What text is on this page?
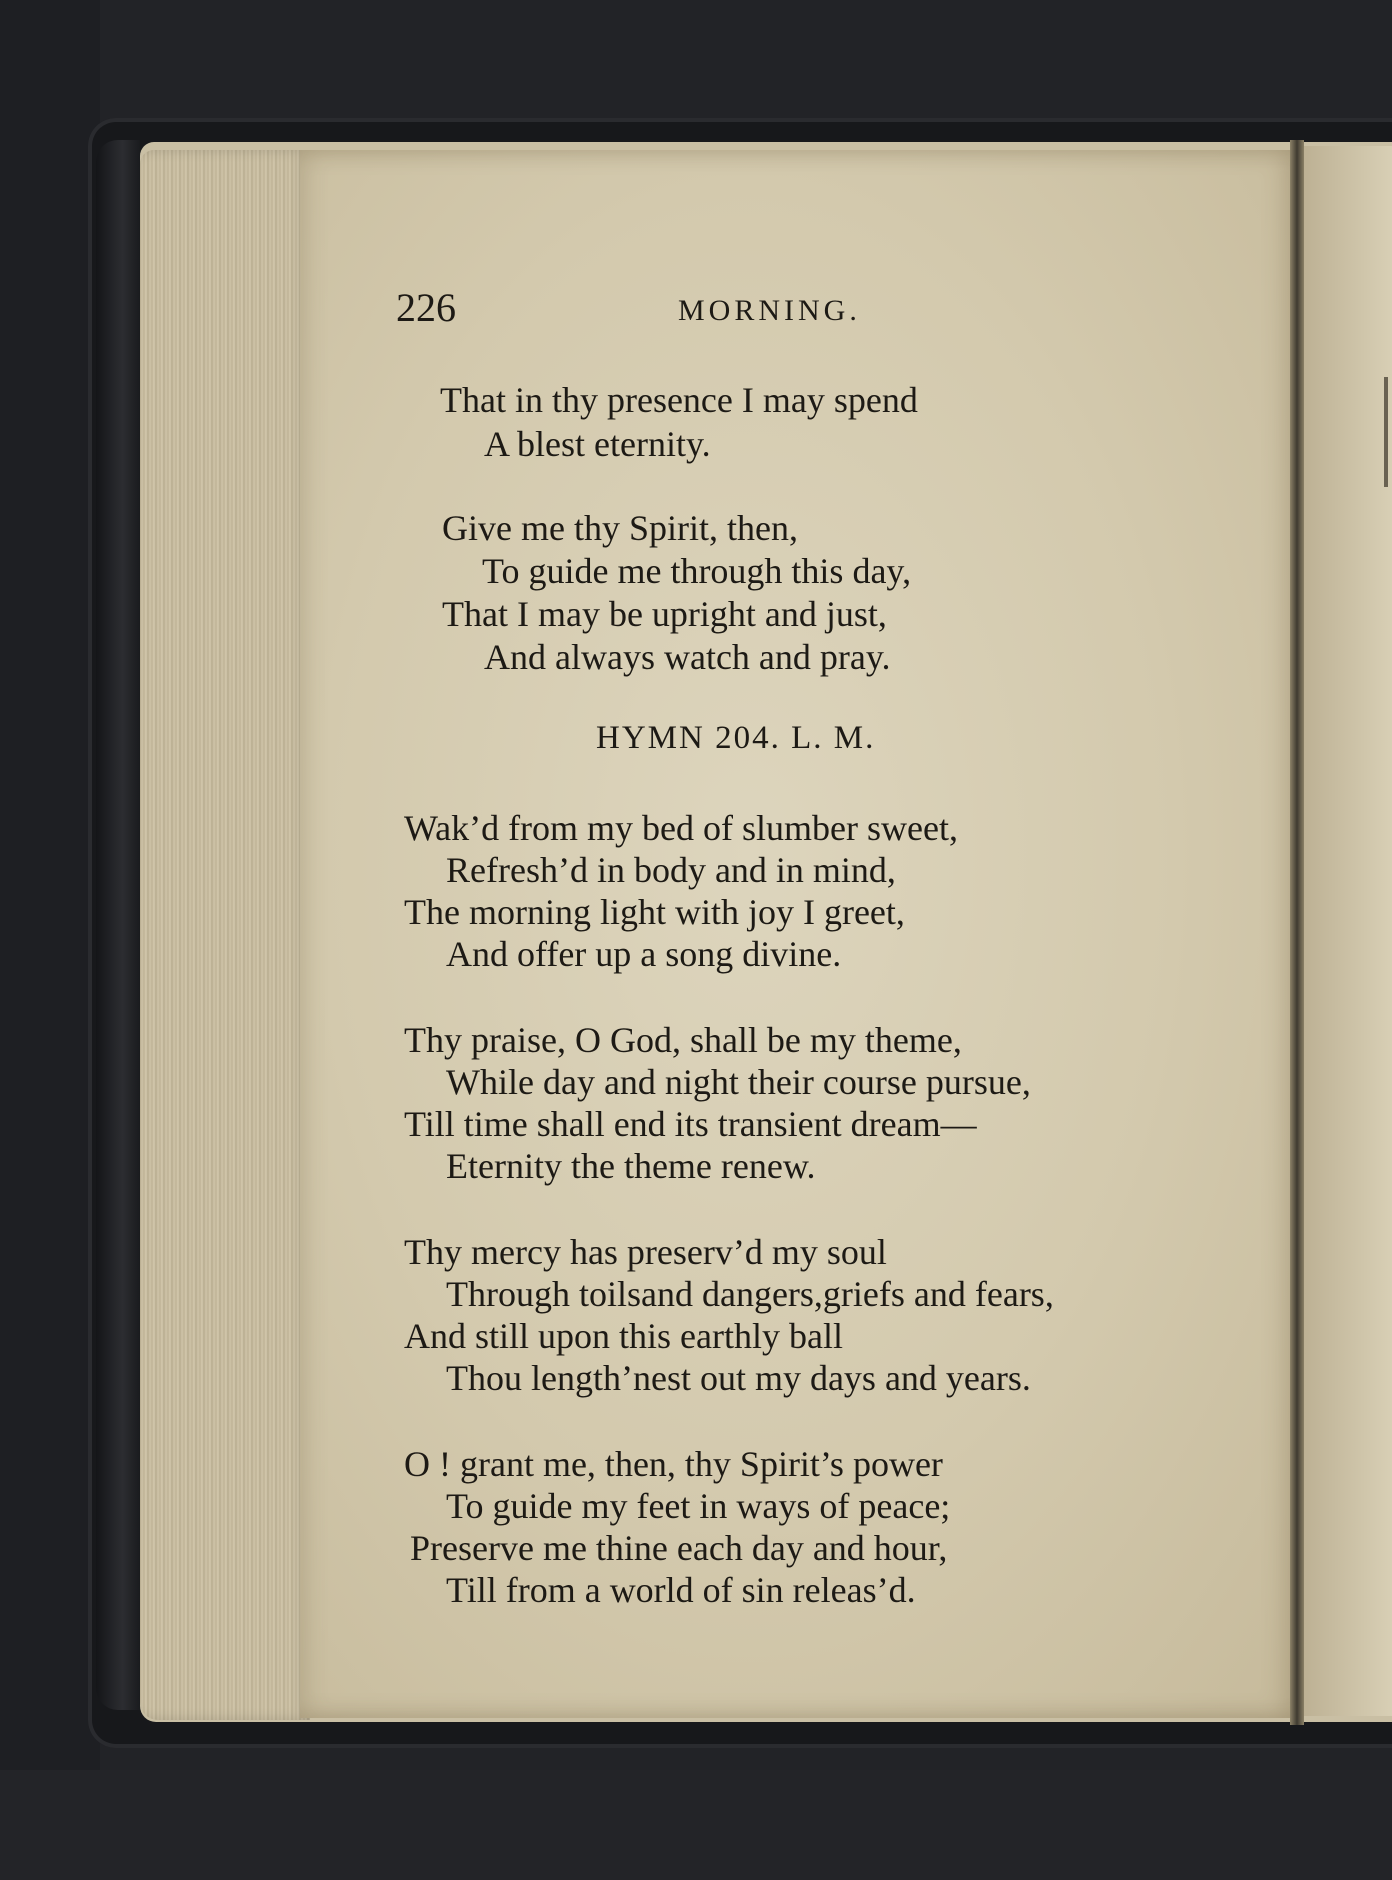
226	MORNING.
That in thy presence I may spend
A blest eternity.
Give me thy Spirit, then,
To guide me through this day,
That I may be upright and just,
And always watch and pray.
HYMN 204. L. M.
Wak’d from my bed of slumber sweet,
Refresh’d in body and in mind,
The morning light with joy I greet,
And offer up a song divine.
Thy praise, O God, shall be my theme,
While day and night their course pursue,
Till time shall end its transient dream—
Eternity the theme renew.
Thy mercy has preserv’d my soul
Through toilsand dangers,griefs and fears,
And still upon this earthly ball
Thou length’nest out my days and years.
O ! grant me, then, thy Spirit’s power
To guide my feet in ways of peace;
Preserve me thine each day and hour,
Till from a world of sin releas’d.
